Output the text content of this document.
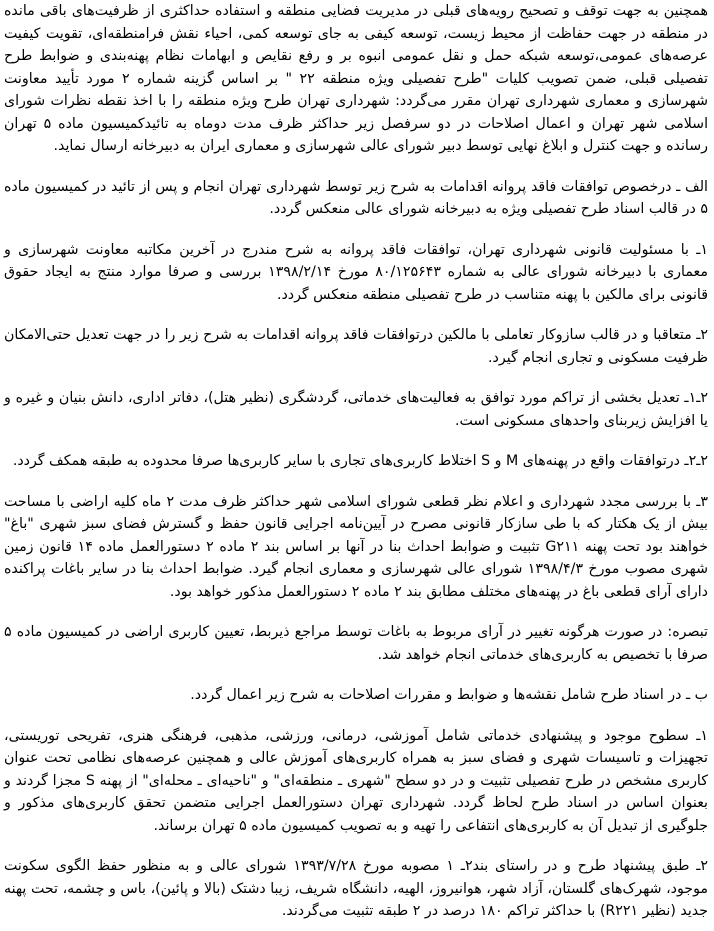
همچنین به جهت توقف و تصحیح رویه‌های قبلی در مدیریت فضایی منطقه و استفاده حداکثری از ظرفیت‌های باقی مانده در منطقه در جهت حفاظت از محیط زیست، توسعه کیفی به جای توسعه کمی، احیاء نقش فرامنطقه‌ای، تقویت کیفیت عرصه‌های عمومی،توسعه شبکه حمل و نقل عمومی انبوه بر و رفع نقایص و ابهامات نظام پهنه‌بندی و ضوابط طرح تفصیلی قبلی، ضمن تصویب کلیات "طرح تفصیلی ویژه منطقه ۲۲ " بر اساس گزینه شماره ۲ مورد تأیید معاونت شهرسازی و معماری شهرداری تهران مقرر می‌گردد: شهرداری تهران طرح ویژه منطقه را با اخذ نقطه نظرات شورای اسلامی شهر تهران و اعمال اصلاحات در دو سرفصل زیر حداکثر ظرف مدت دوماه به تائیدکمیسیون ماده ۵ تهران رسانده و جهت کنترل و ابلاغ نهایی توسط دبیر شورای عالی شهرسازی و معماری ایران به دبیرخانه ارسال نماید.

الف ـ درخصوص توافقات فاقد پروانه اقدامات به شرح زیر توسط شهرداری تهران انجام و پس از تائید در کمیسیون ماده ۵ در قالب اسناد طرح تفصیلی ویژه به دبیرخانه شورای عالی منعکس گردد.

۱ـ با مسئولیت قانونی شهرداری تهران، توافقات فاقد پروانه به شرح مندرج در آخرین مکاتبه معاونت شهرسازی و معماری با دبیرخانه شورای عالی به شماره ۸۰/۱۲۵۶۴۳ مورخ ۱۳۹۸/۲/۱۴ بررسی و صرفا موارد منتج به ایجاد حقوق قانونی برای مالکین با پهنه متناسب در طرح تفصیلی منطقه منعکس گردد.

۲ـ متعاقبا و در قالب سازوکار تعاملی با مالکین درتوافقات فاقد پروانه اقدامات به شرح زیر را در جهت تعدیل حتی‌الامکان ظرفیت مسکونی و تجاری انجام گیرد.

۲ـ۱ـ تعدیل بخشی از تراکم مورد توافق به فعالیت‌های خدماتی، گردشگری (نظیر هتل)، دفاتر اداری، دانش بنیان و غیره و یا افزایش زیربنای واحدهای مسکونی است.

۲ـ۲ـ درتوافقات واقع در پهنه‌های M و S اختلاط کاربری‌های تجاری با سایر کاربری‌ها صرفا محدوده به طبقه همکف گردد.

۳ـ با بررسی مجدد شهرداری و اعلام نظر قطعی شورای اسلامی شهر حداکثر ظرف مدت ۲ ماه کلیه اراضی با مساحت بیش از یک هکتار که با طی سازکار قانونی مصرح در آیین‌نامه اجرایی قانون حفظ و گسترش فضای سبز شهری "باغ" خواهند بود تحت پهنه G۲۱۱ تثبیت و ضوابط احداث بنا در آنها بر اساس بند ۲ ماده ۲ دستورالعمل ماده ۱۴ قانون زمین شهری مصوب مورخ ۱۳۹۸/۴/۳ شورای عالی شهرسازی و معماری انجام گیرد. ضوابط احداث بنا در سایر باغات پراکنده دارای آرای قطعی باغ در پهنه‌های مختلف مطابق بند ۲ ماده ۲ دستورالعمل مذکور خواهد بود.

تبصره: در صورت هرگونه تغییر در آرای مربوط به باغات توسط مراجع ذیربط، تعیین کاربری اراضی در کمیسیون ماده ۵ صرفا با تخصیص به کاربری‌های خدماتی انجام خواهد شد.

ب ـ در اسناد طرح شامل نقشه‌ها و ضوابط و مقررات اصلاحات به شرح زیر اعمال گردد.

۱ـ سطوح موجود و پیشنهادی خدماتی شامل آموزشی، درمانی، ورزشی، مذهبی، فرهنگی هنری، تفریحی توریستی، تجهیزات و تاسیسات شهری و فضای سبز به همراه کاربری‌های آموزش عالی و همچنین عرصه‌های نظامی تحت عنوان کاربری مشخص در طرح تفصیلی تثبیت و در دو سطح "شهری ـ منطقه‌ای" و "ناحیه‌ای ـ محله‌ای" از پهنه S مجزا گردند و بعنوان اساس در اسناد طرح لحاظ گردد. شهرداری تهران دستورالعمل اجرایی متضمن تحقق کاربری‌های مذکور و جلوگیری از تبدیل آن به کاربری‌های انتفاعی را تهیه و به تصویب کمیسیون ماده ۵ تهران برساند.

۲ـ طبق پیشنهاد طرح و در راستای بند۲ـ ۱ مصوبه مورخ ۱۳۹۳/۷/۲۸ شورای عالی و به منظور حفظ الگوی سکونت موجود، شهرک‌های گلستان، آزاد شهر، هوانیروز، الهیه، دانشگاه شریف، زیبا دشتک (بالا و پائین)، باس و چشمه، تحت پهنه جدید (نظیر R۲۲۱) با حداکثر تراکم ۱۸۰ درصد در ۲ طبقه تثبیت می‌گردند.
